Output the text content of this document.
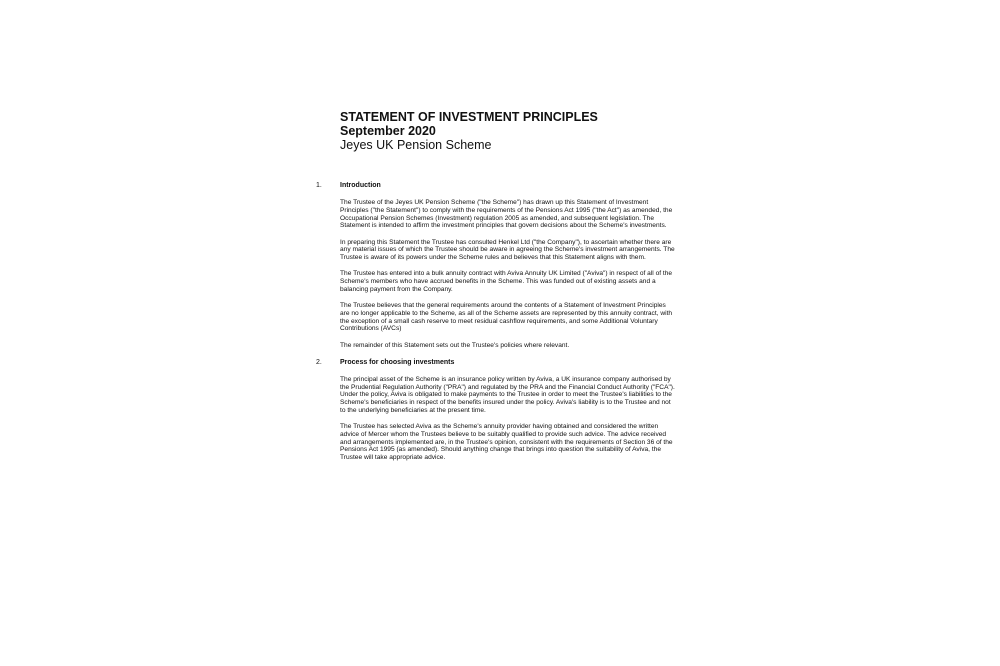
STATEMENT OF INVESTMENT PRINCIPLES

September 2020

Jeyes UK Pension Scheme

1.	Introduction

The Trustee of the Jeyes UK Pension Scheme ("the Scheme") has drawn up this Statement of Investment Principles ("the Statement") to comply with the requirements of the Pensions Act 1995 ("the Act") as amended, the Occupational Pension Schemes (Investment) regulation 2005 as amended, and subsequent legislation. The Statement is intended to affirm the investment principles that govern decisions about the Scheme's investments.

In preparing this Statement the Trustee has consulted Henkel Ltd ("the Company"), to ascertain whether there are any material issues of which the Trustee should be aware in agreeing the Scheme's investment arrangements. The Trustee is aware of its powers under the Scheme rules and believes that this Statement aligns with them.

The Trustee has entered into a bulk annuity contract with Aviva Annuity UK Limited ("Aviva") in respect of all of the Scheme's members who have accrued benefits in the Scheme. This was funded out of existing assets and a balancing payment from the Company.

The Trustee believes that the general requirements around the contents of a Statement of Investment Principles are no longer applicable to the Scheme, as all of the Scheme assets are represented by this annuity contract, with the exception of a small cash reserve to meet residual cashflow requirements, and some Additional Voluntary Contributions (AVCs)

The remainder of this Statement sets out the Trustee's policies where relevant.

2.	Process for choosing investments

The principal asset of the Scheme is an insurance policy written by Aviva, a UK insurance company authorised by the Prudential Regulation Authority ("PRA") and regulated by the PRA and the Financial Conduct Authority ("FCA"). Under the policy, Aviva is obligated to make payments to the Trustee in order to meet the Trustee's liabilities to the Scheme's beneficiaries in respect of the benefits insured under the policy. Aviva's liability is to the Trustee and not to the underlying beneficiaries at the present time.

The Trustee has selected Aviva as the Scheme's annuity provider having obtained and considered the written advice of Mercer whom the Trustees believe to be suitably qualified to provide such advice. The advice received and arrangements implemented are, in the Trustee's opinion, consistent with the requirements of Section 36 of the Pensions Act 1995 (as amended). Should anything change that brings into question the suitability of Aviva, the Trustee will take appropriate advice.
